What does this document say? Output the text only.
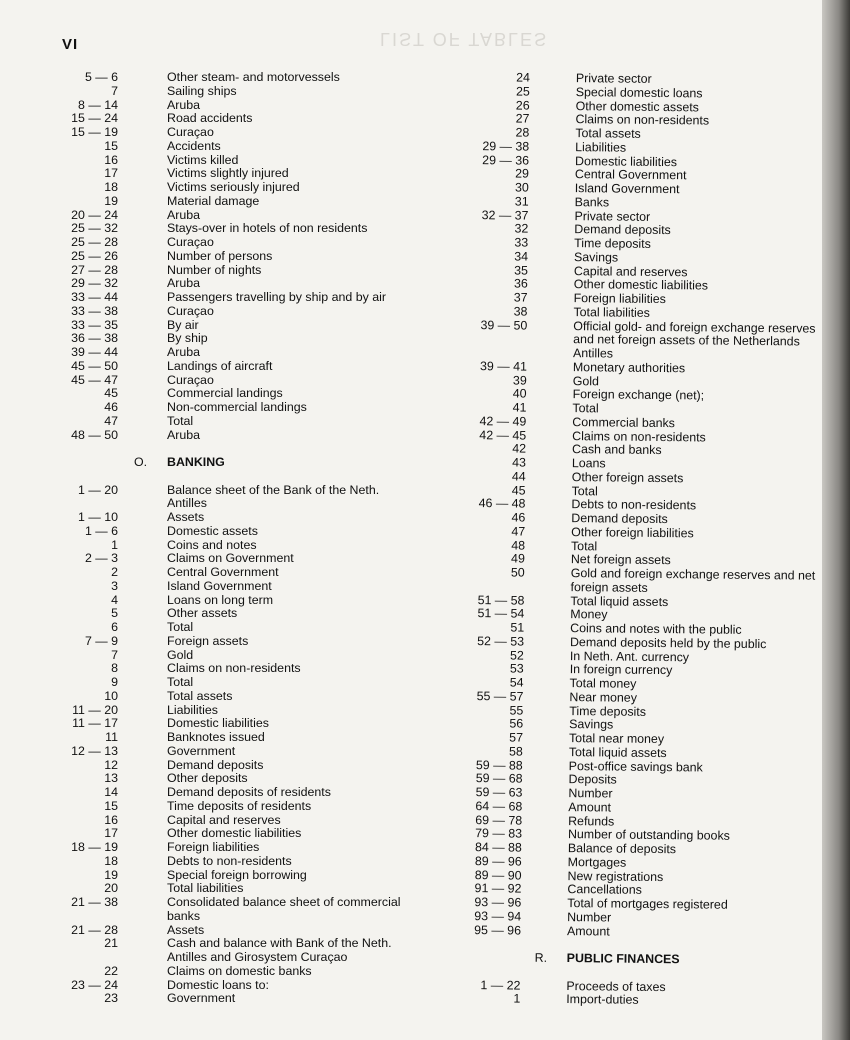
LIST OF TABLES
VI
5 — 6	Other steam- and motorvessels
7	Sailing ships
8 — 14	Aruba
15 — 24	Road accidents
15 — 19	Curaçao
15	Accidents
16	Victims killed
17	Victims slightly injured
18	Victims seriously injured
19	Material damage
20 — 24	Aruba
25 — 32	Stays-over in hotels of non residents
25 — 28	Curaçao
25 — 26	Number of persons
27 — 28	Number of nights
29 — 32	Aruba
33 — 44	Passengers travelling by ship and by air
33 — 38	Curaçao
33 — 35	By air
36 — 38	By ship
39 — 44	Aruba
45 — 50	Landings of aircraft
45 — 47	Curaçao
45	Commercial landings
46	Non-commercial landings
47	Total
48 — 50	Aruba
O. BANKING
1 — 20	Balance sheet of the Bank of the Neth.
Antilles
1 — 10	Assets
1 — 6	Domestic assets
1	Coins and notes
2 — 3	Claims on Government
2	Central Government
3	Island Government
4	Loans on long term
5	Other assets
6	Total
7 — 9	Foreign assets
7	Gold
8	Claims on non-residents
9	Total
10	Total assets
11 — 20	Liabilities
11 — 17	Domestic liabilities
11	Banknotes issued
12 — 13	Government
12	Demand deposits
13	Other deposits
14	Demand deposits of residents
15	Time deposits of residents
16	Capital and reserves
17	Other domestic liabilities
18 — 19	Foreign liabilities
18	Debts to non-residents
19	Special foreign borrowing
20	Total liabilities
21 — 38	Consolidated balance sheet of commercial
banks
21 — 28	Assets
21	Cash and balance with Bank of the Neth.
Antilles and Girosystem Curaçao
22	Claims on domestic banks
23 — 24	Domestic loans to:
23	Government
24	Private sector
25	Special domestic loans
26	Other domestic assets
27	Claims on non-residents
28	Total assets
29 — 38	Liabilities
29 — 36	Domestic liabilities
29	Central Government
30	Island Government
31	Banks
32 — 37	Private sector
32	Demand deposits
33	Time deposits
34	Savings
35	Capital and reserves
36	Other domestic liabilities
37	Foreign liabilities
38	Total liabilities
39 — 50	Official gold- and foreign exchange reserves
and net foreign assets of the Netherlands
Antilles
39 — 41	Monetary authorities
39	Gold
40	Foreign exchange (net);
41	Total
42 — 49	Commercial banks
42 — 45	Claims on non-residents
42	Cash and banks
43	Loans
44	Other foreign assets
45	Total
46 — 48	Debts to non-residents
46	Demand deposits
47	Other foreign liabilities
48	Total
49	Net foreign assets
50	Gold and foreign exchange reserves and net
foreign assets
51 — 58	Total liquid assets
51 — 54	Money
51	Coins and notes with the public
52 — 53	Demand deposits held by the public
52	In Neth. Ant. currency
53	In foreign currency
54	Total money
55 — 57	Near money
55	Time deposits
56	Savings
57	Total near money
58	Total liquid assets
59 — 88	Post-office savings bank
59 — 68	Deposits
59 — 63	Number
64 — 68	Amount
69 — 78	Refunds
79 — 83	Number of outstanding books
84 — 88	Balance of deposits
89 — 96	Mortgages
89 — 90	New registrations
91 — 92	Cancellations
93 — 96	Total of mortgages registered
93 — 94	Number
95 — 96	Amount
R. PUBLIC FINANCES
1 — 22	Proceeds of taxes
1	Import-duties
